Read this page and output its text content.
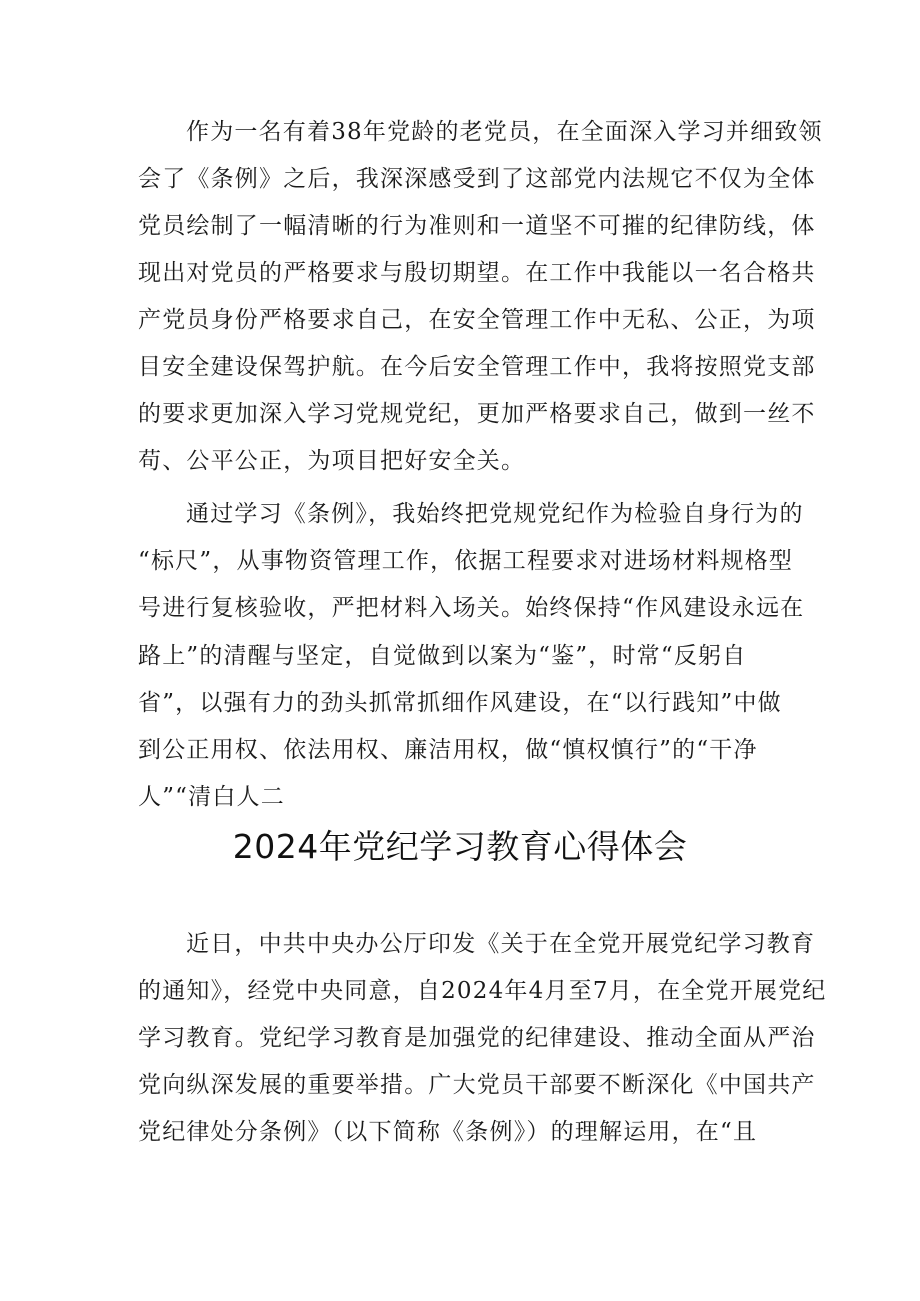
作为一名有着38年党龄的老党员，在全面深入学习并细致领
会了《条例》之后，我深深感受到了这部党内法规它不仅为全体
党员绘制了一幅清晰的行为准则和一道坚不可摧的纪律防线，体
现出对党员的严格要求与殷切期望。在工作中我能以一名合格共
产党员身份严格要求自己，在安全管理工作中无私、公正，为项
目安全建设保驾护航。在今后安全管理工作中，我将按照党支部
的要求更加深入学习党规党纪，更加严格要求自己，做到一丝不
苟、公平公正，为项目把好安全关。
通过学习《条例》，我始终把党规党纪作为检验自身行为的
“标尺”，从事物资管理工作，依据工程要求对进场材料规格型
号进行复核验收，严把材料入场关。始终保持“作风建设永远在
路上”的清醒与坚定，自觉做到以案为“鉴”，时常“反躬自
省”，以强有力的劲头抓常抓细作风建设，在“以行践知”中做
到公正用权、依法用权、廉洁用权，做“慎权慎行”的“干净
人”“清白人二
2024年党纪学习教育心得体会
近日，中共中央办公厅印发《关于在全党开展党纪学习教育
的通知》，经党中央同意，自2024年4月至7月，在全党开展党纪
学习教育。党纪学习教育是加强党的纪律建设、推动全面从严治
党向纵深发展的重要举措。广大党员干部要不断深化《中国共产
党纪律处分条例》（以下简称《条例》）的理解运用，在“且
